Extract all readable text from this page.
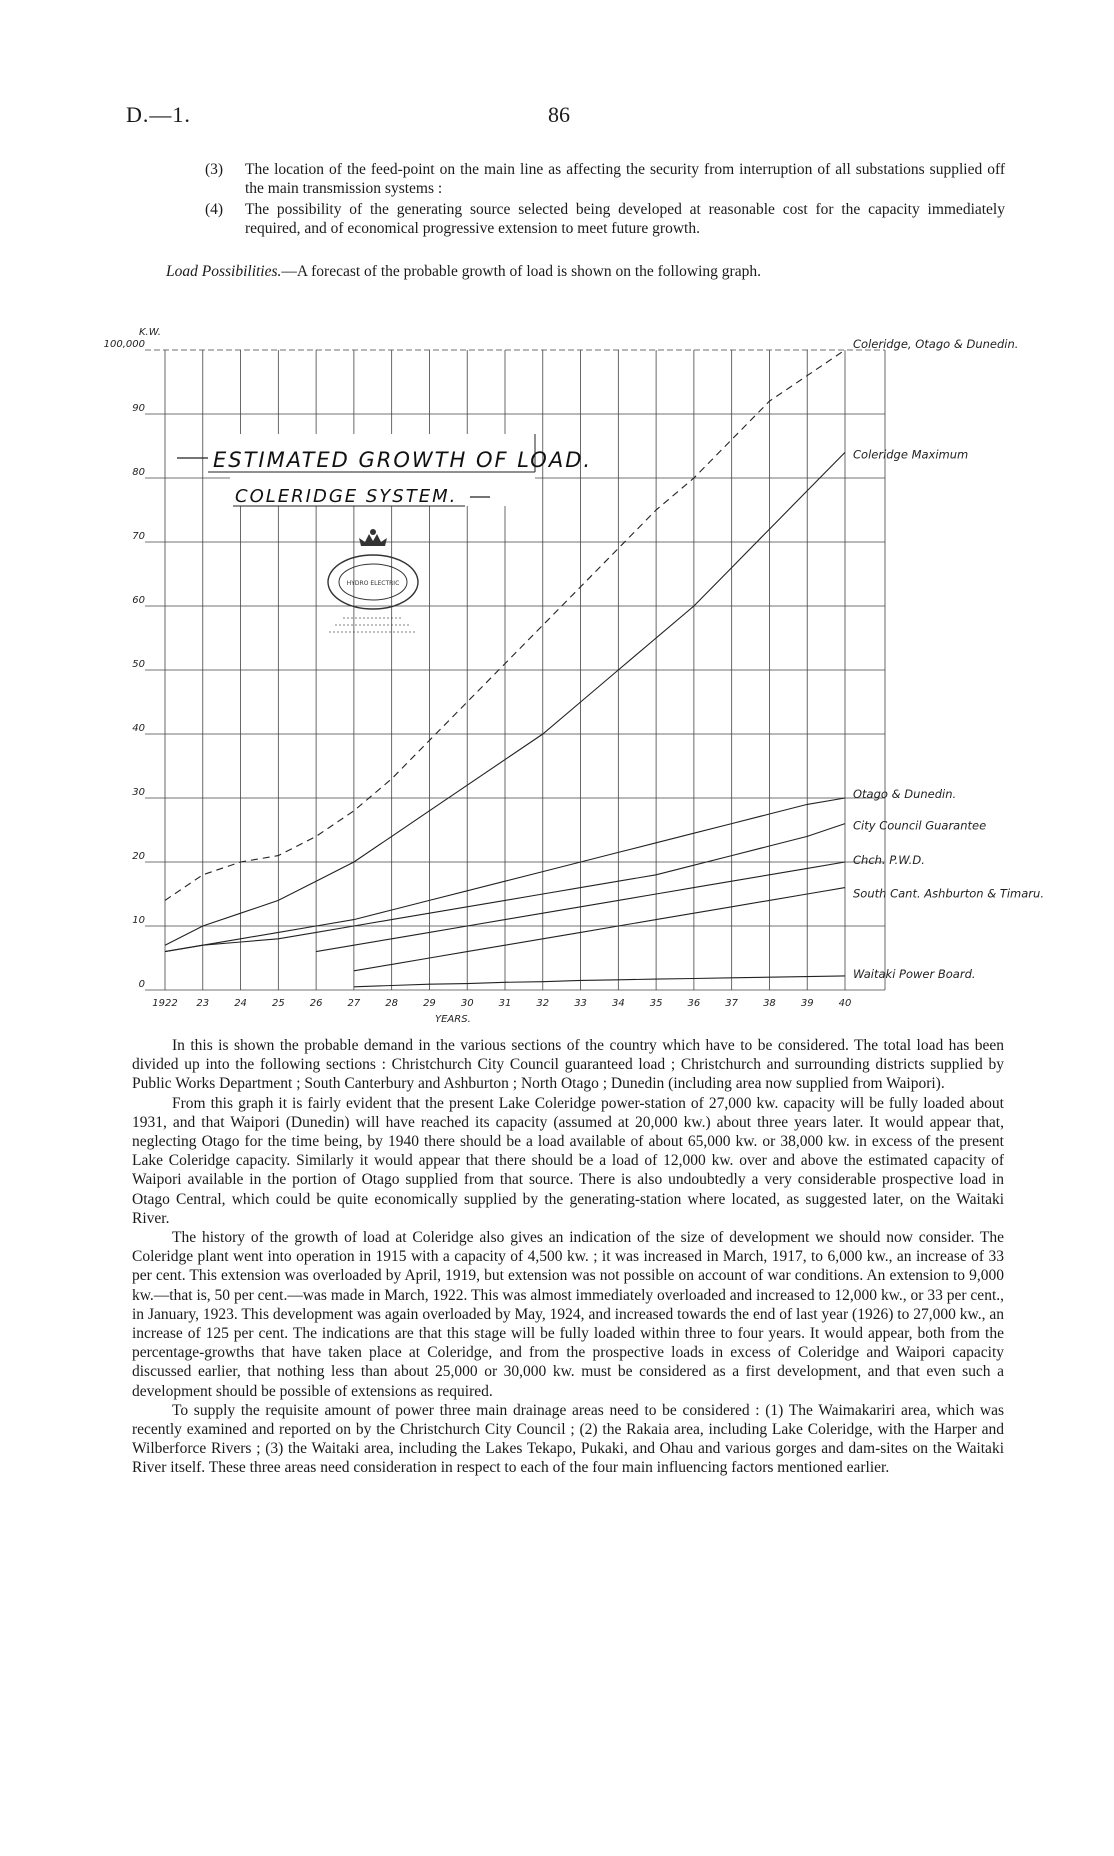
D.—1.	86
(3) The location of the feed-point on the main line as affecting the security from interruption of all substations supplied off the main transmission systems :
(4) The possibility of the generating source selected being developed at reasonable cost for the capacity immediately required, and of economical progressive extension to meet future growth.
Load Possibilities.—A forecast of the probable growth of load is shown on the following graph.
0
10
20
30
40
50
60
70
80
90
100,000
1922 23	24	25	26	27	28	29	30	31	32	33	34	35	36	37	38	39	40
K.W.
YEARS.
ESTIMATED GROWTH OF LOAD.
COLERIDGE SYSTEM.
HYDRO ELECTRIC
Coleridge, Otago & Dunedin.
Coleridge Maximum
Otago & Dunedin.
City Council Guarantee
Chch. P.W.D.
South Cant. Ashburton & Timaru.
Waitaki Power Board.

In this is shown the probable demand in the various sections of the country which have to be considered. The total load has been divided up into the following sections : Christchurch City Council guaranteed load ; Christchurch and surrounding districts supplied by Public Works Department ; South Canterbury and Ashburton ; North Otago ; Dunedin (including area now supplied from Waipori).

From this graph it is fairly evident that the present Lake Coleridge power-station of 27,000 kw. capacity will be fully loaded about 1931, and that Waipori (Dunedin) will have reached its capacity (assumed at 20,000 kw.) about three years later. It would appear that, neglecting Otago for the time being, by 1940 there should be a load available of about 65,000 kw. or 38,000 kw. in excess of the present Lake Coleridge capacity. Similarly it would appear that there should be a load of 12,000 kw. over and above the estimated capacity of Waipori available in the portion of Otago supplied from that source. There is also undoubtedly a very considerable prospective load in Otago Central, which could be quite economically supplied by the generating-station where located, as suggested later, on the Waitaki River.

The history of the growth of load at Coleridge also gives an indication of the size of development we should now consider. The Coleridge plant went into operation in 1915 with a capacity of 4,500 kw. ; it was increased in March, 1917, to 6,000 kw., an increase of 33 per cent. This extension was overloaded by April, 1919, but extension was not possible on account of war conditions. An extension to 9,000 kw.—that is, 50 per cent.—was made in March, 1922. This was almost immediately overloaded and increased to 12,000 kw., or 33 per cent., in January, 1923. This development was again overloaded by May, 1924, and increased towards the end of last year (1926) to 27,000 kw., an increase of 125 per cent. The indications are that this stage will be fully loaded within three to four years. It would appear, both from the percentage-growths that have taken place at Coleridge, and from the prospective loads in excess of Coleridge and Waipori capacity discussed earlier, that nothing less than about 25,000 or 30,000 kw. must be considered as a first development, and that even such a development should be possible of extensions as required.

To supply the requisite amount of power three main drainage areas need to be considered : (1) The Waimakariri area, which was recently examined and reported on by the Christchurch City Council ; (2) the Rakaia area, including Lake Coleridge, with the Harper and Wilberforce Rivers ; (3) the Waitaki area, including the Lakes Tekapo, Pukaki, and Ohau and various gorges and dam-sites on the Waitaki River itself. These three areas need consideration in respect to each of the four main influencing factors mentioned earlier.
